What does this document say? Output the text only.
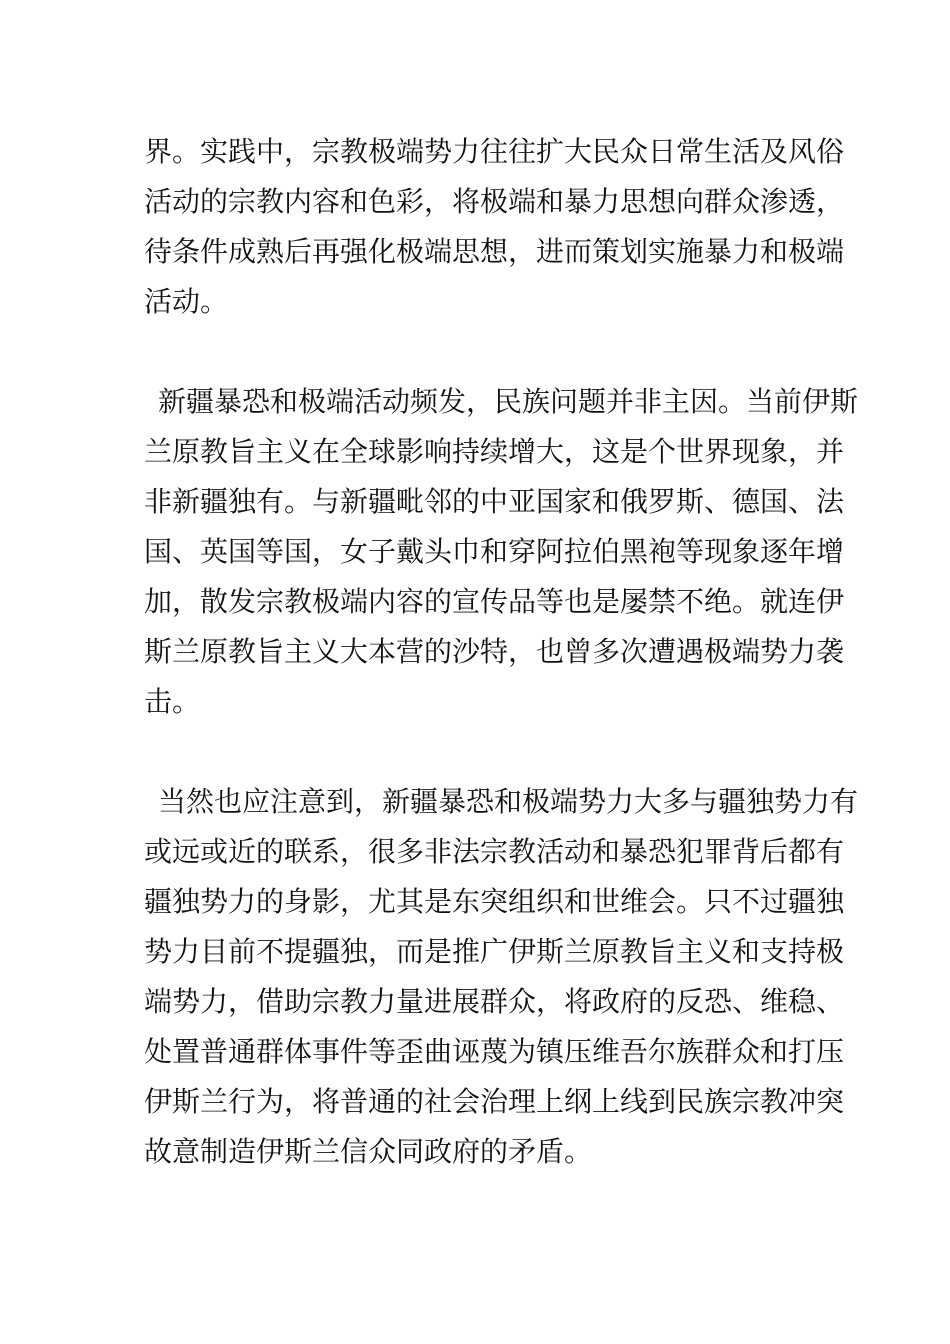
界。实践中，宗教极端势力往往扩大民众日常生活及风俗
活动的宗教内容和色彩，将极端和暴力思想向群众渗透，
待条件成熟后再强化极端思想，进而策划实施暴力和极端
活动。
新疆暴恐和极端活动频发，民族问题并非主因。当前伊斯
兰原教旨主义在全球影响持续增大，这是个世界现象，并
非新疆独有。与新疆毗邻的中亚国家和俄罗斯、德国、法
国、英国等国，女子戴头巾和穿阿拉伯黑袍等现象逐年增
加，散发宗教极端内容的宣传品等也是屡禁不绝。就连伊
斯兰原教旨主义大本营的沙特，也曾多次遭遇极端势力袭
击。
当然也应注意到，新疆暴恐和极端势力大多与疆独势力有
或远或近的联系，很多非法宗教活动和暴恐犯罪背后都有
疆独势力的身影，尤其是东突组织和世维会。只不过疆独
势力目前不提疆独，而是推广伊斯兰原教旨主义和支持极
端势力，借助宗教力量进展群众，将政府的反恐、维稳、
处置普通群体事件等歪曲诬蔑为镇压维吾尔族群众和打压
伊斯兰行为，将普通的社会治理上纲上线到民族宗教冲突
故意制造伊斯兰信众同政府的矛盾。
